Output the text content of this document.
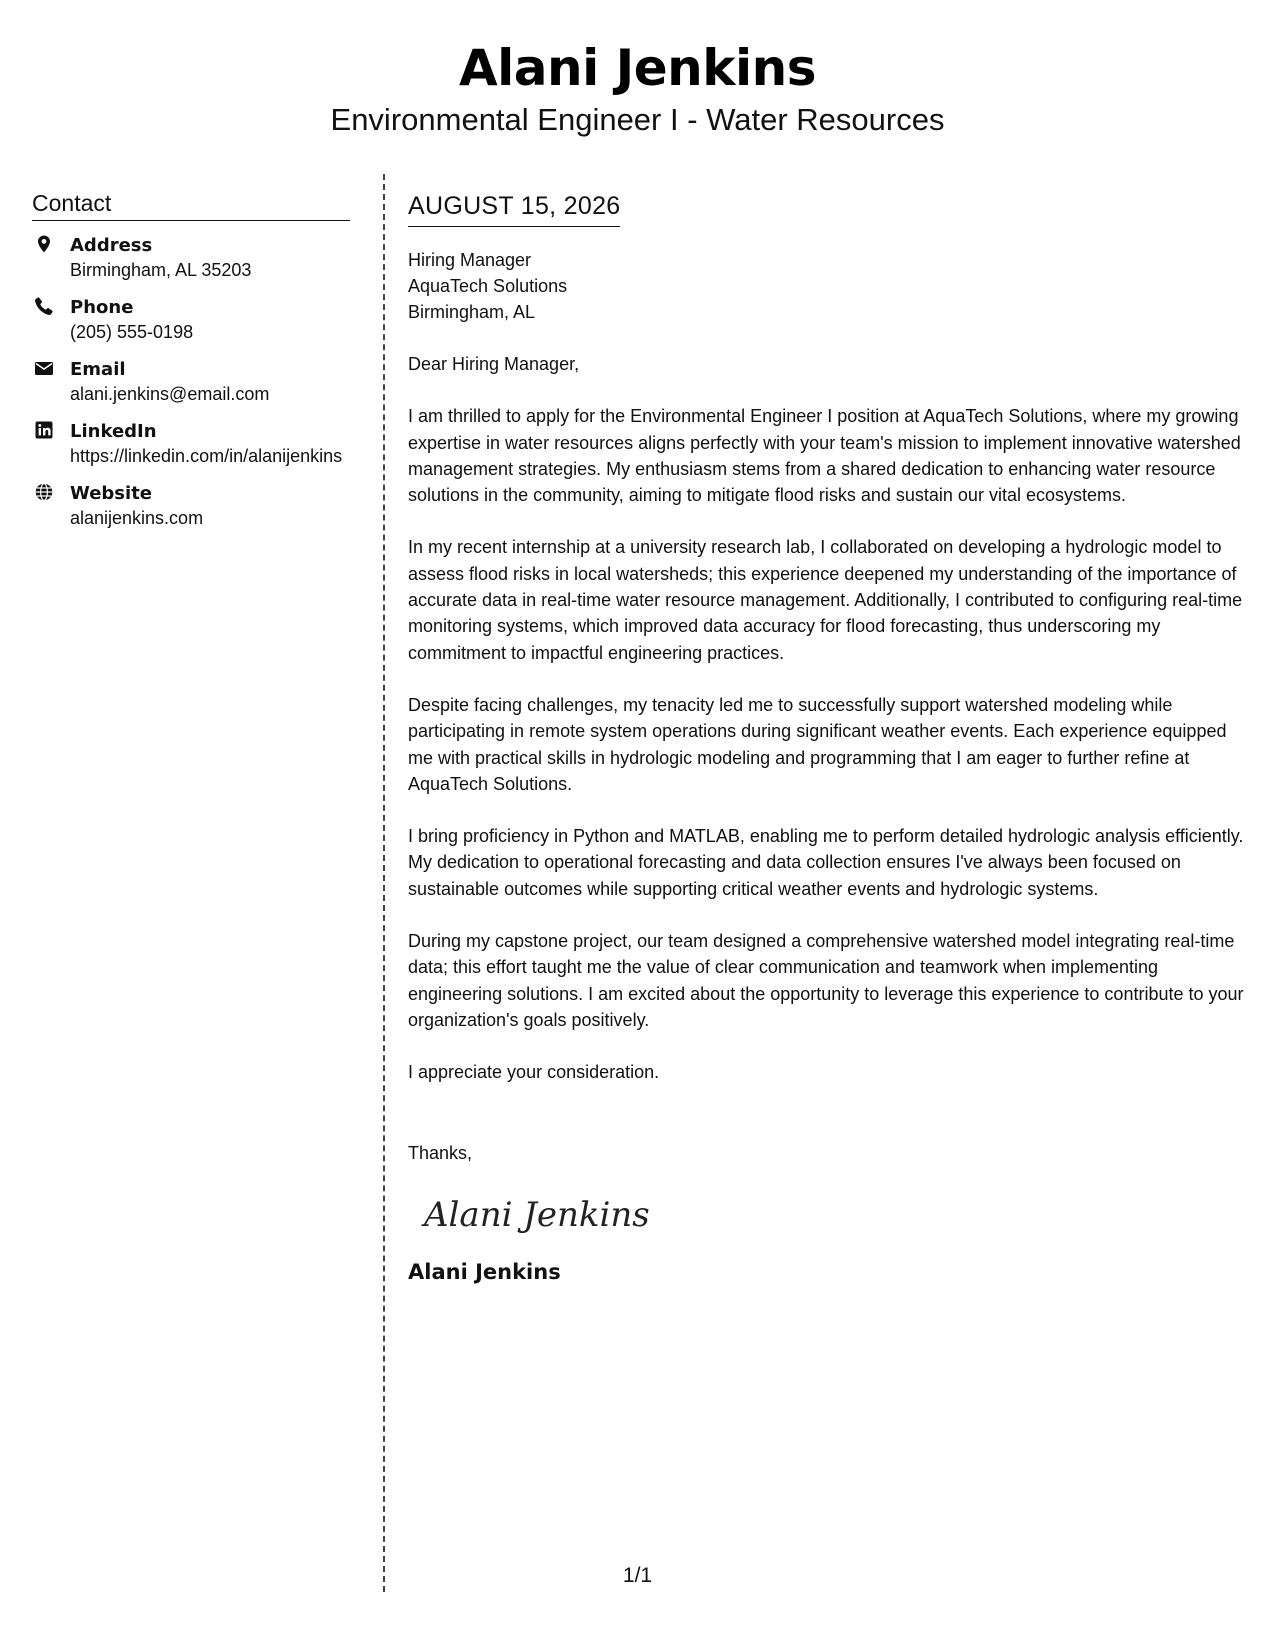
Alani Jenkins
Environmental Engineer I - Water Resources
Contact
Address
Birmingham, AL 35203
Phone
(205) 555-0198
Email
alani.jenkins@email.com
LinkedIn
https://linkedin.com/in/alanijenkins
Website
alanijenkins.com
AUGUST 15, 2026
Hiring Manager
AquaTech Solutions
Birmingham, AL
Dear Hiring Manager,

I am thrilled to apply for the Environmental Engineer I position at AquaTech Solutions, where my growing expertise in water resources aligns perfectly with your team's mission to implement innovative watershed management strategies. My enthusiasm stems from a shared dedication to enhancing water resource solutions in the community, aiming to mitigate flood risks and sustain our vital ecosystems.

In my recent internship at a university research lab, I collaborated on developing a hydrologic model to assess flood risks in local watersheds; this experience deepened my understanding of the importance of accurate data in real-time water resource management. Additionally, I contributed to configuring real-time monitoring systems, which improved data accuracy for flood forecasting, thus underscoring my commitment to impactful engineering practices.

Despite facing challenges, my tenacity led me to successfully support watershed modeling while participating in remote system operations during significant weather events. Each experience equipped me with practical skills in hydrologic modeling and programming that I am eager to further refine at AquaTech Solutions.

I bring proficiency in Python and MATLAB, enabling me to perform detailed hydrologic analysis efficiently. My dedication to operational forecasting and data collection ensures I've always been focused on sustainable outcomes while supporting critical weather events and hydrologic systems.

During my capstone project, our team designed a comprehensive watershed model integrating real-time data; this effort taught me the value of clear communication and teamwork when implementing engineering solutions. I am excited about the opportunity to leverage this experience to contribute to your organization's goals positively.

I appreciate your consideration.
Thanks,
Alani Jenkins
Alani Jenkins
1/1
